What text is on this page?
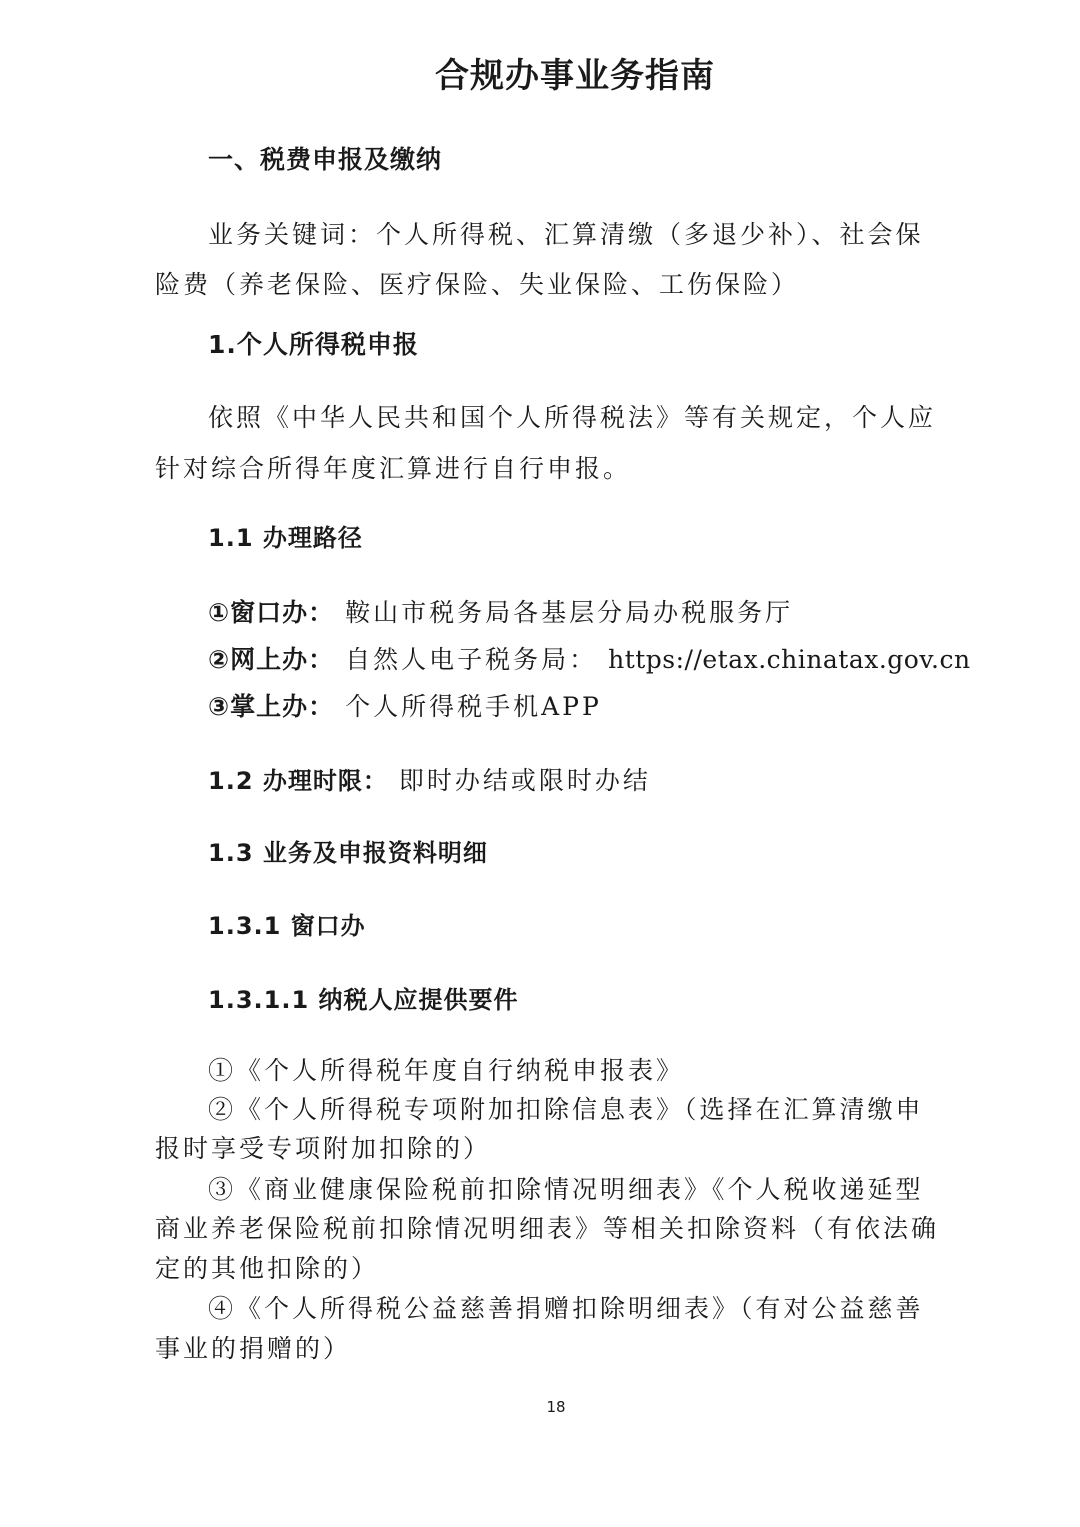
合规办事业务指南
一、税费申报及缴纳
业务关键词：个人所得税、汇算清缴（多退少补）、社会保
险费（养老保险、医疗保险、失业保险、工伤保险）
1.个人所得税申报
依照《中华人民共和国个人所得税法》等有关规定，个人应
针对综合所得年度汇算进行自行申报。
1.1 办理路径
①窗口办： 鞍山市税务局各基层分局办税服务厅
②网上办： 自然人电子税务局： https://etax.chinatax.gov.cn
③掌上办： 个人所得税手机APP
1.2 办理时限： 即时办结或限时办结
1.3 业务及申报资料明细
1.3.1 窗口办
1.3.1.1 纳税人应提供要件
①《个人所得税年度自行纳税申报表》
②《个人所得税专项附加扣除信息表》（选择在汇算清缴申
报时享受专项附加扣除的）
③《商业健康保险税前扣除情况明细表》《个人税收递延型
商业养老保险税前扣除情况明细表》等相关扣除资料（有依法确
定的其他扣除的）
④《个人所得税公益慈善捐赠扣除明细表》（有对公益慈善
事业的捐赠的）
18
